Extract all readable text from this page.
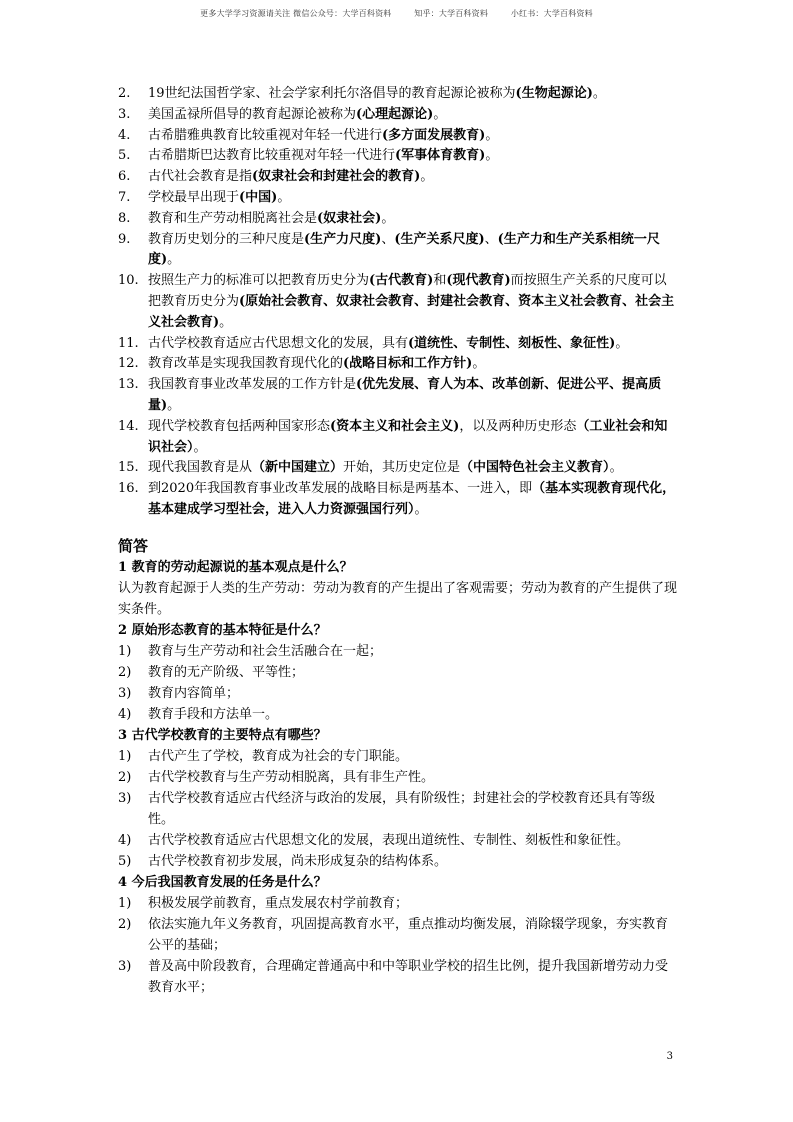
更多大学学习资源请关注 微信公众号：大学百科资料	知乎：大学百科资料	小红书：大学百科资料
2.	19世纪法国哲学家、社会学家利托尔洛倡导的教育起源论被称为(生物起源论)。
3.	美国孟禄所倡导的教育起源论被称为(心理起源论)。
4.	古希腊雅典教育比较重视对年轻一代进行(多方面发展教育)。
5.	古希腊斯巴达教育比较重视对年轻一代进行(军事体育教育)。
6.	古代社会教育是指(奴隶社会和封建社会的教育)。
7.	学校最早出现于(中国)。
8.	教育和生产劳动相脱离社会是(奴隶社会)。
9.	教育历史划分的三种尺度是(生产力尺度)、(生产关系尺度)、(生产力和生产关系相统一尺度)。
10. 按照生产力的标准可以把教育历史分为(古代教育)和(现代教育)而按照生产关系的尺度可以把教育历史分为(原始社会教育、奴隶社会教育、封建社会教育、资本主义社会教育、社会主义社会教育)。
11. 古代学校教育适应古代思想文化的发展，具有(道统性、专制性、刻板性、象征性)。
12. 教育改革是实现我国教育现代化的(战略目标和工作方针)。
13. 我国教育事业改革发展的工作方针是(优先发展、育人为本、改革创新、促进公平、提高质量)。
14. 现代学校教育包括两种国家形态(资本主义和社会主义)，以及两种历史形态（工业社会和知识社会）。
15. 现代我国教育是从（新中国建立）开始，其历史定位是（中国特色社会主义教育）。
16. 到2020年我国教育事业改革发展的战略目标是两基本、一进入，即（基本实现教育现代化，基本建成学习型社会，进入人力资源强国行列）。
简答
1 教育的劳动起源说的基本观点是什么？
认为教育起源于人类的生产劳动：劳动为教育的产生提出了客观需要；劳动为教育的产生提供了现实条件。
2 原始形态教育的基本特征是什么？
1)	教育与生产劳动和社会生活融合在一起；
2)	教育的无产阶级、平等性；
3)	教育内容简单；
4)	教育手段和方法单一。
3 古代学校教育的主要特点有哪些？
1)	古代产生了学校，教育成为社会的专门职能。
2)	古代学校教育与生产劳动相脱离，具有非生产性。
3)	古代学校教育适应古代经济与政治的发展，具有阶级性；封建社会的学校教育还具有等级性。
4)	古代学校教育适应古代思想文化的发展，表现出道统性、专制性、刻板性和象征性。
5)	古代学校教育初步发展，尚未形成复杂的结构体系。
4 今后我国教育发展的任务是什么？
1)	积极发展学前教育，重点发展农村学前教育；
2)	依法实施九年义务教育，巩固提高教育水平，重点推动均衡发展，消除辍学现象，夯实教育公平的基础；
3)	普及高中阶段教育，合理确定普通高中和中等职业学校的招生比例，提升我国新增劳动力受教育水平；
3
